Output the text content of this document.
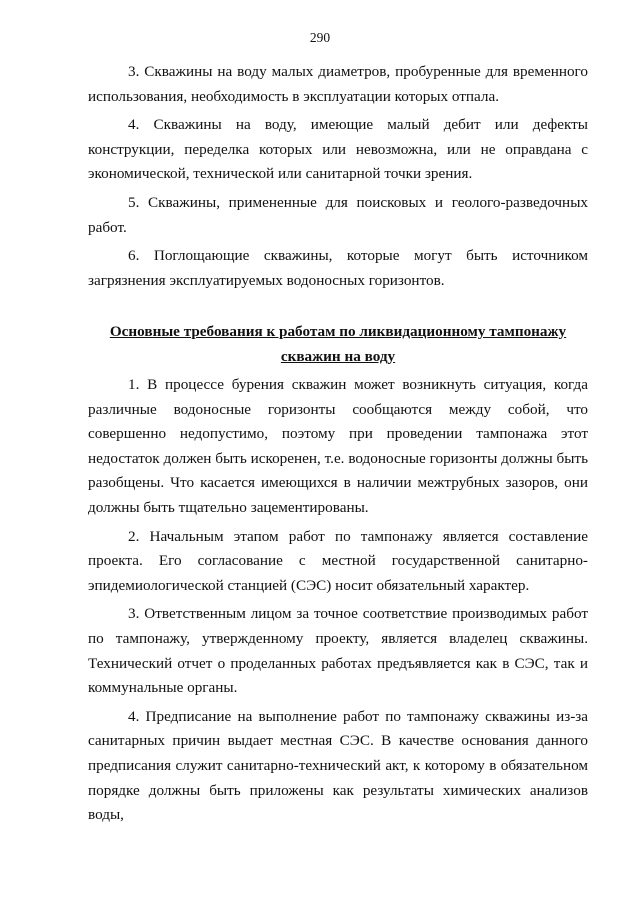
290

3. Скважины на воду малых диаметров, пробуренные для временного использования, необходимость в эксплуатации которых отпала.

4. Скважины на воду, имеющие малый дебит или дефекты конструкции, переделка которых или невозможна, или не оправдана с экономической, технической или санитарной точки зрения.

5. Скважины, примененные для поисковых и геолого-разведочных работ.

6. Поглощающие скважины, которые могут быть источником загрязнения эксплуатируемых водоносных горизонтов.

Основные требования к работам по ликвидационному тампонажу
скважин на воду

1. В процессе бурения скважин может возникнуть ситуация, когда различные водоносные горизонты сообщаются между собой, что совершенно недопустимо, поэтому при проведении тампонажа этот недостаток должен быть искоренен, т.е. водоносные горизонты должны быть разобщены. Что касается имеющихся в наличии межтрубных зазоров, они должны быть тщательно зацементированы.

2. Начальным этапом работ по тампонажу является составление проекта. Его согласование с местной государственной санитарно-эпидемиологической станцией (СЭС) носит обязательный характер.

3. Ответственным лицом за точное соответствие производимых работ по тампонажу, утвержденному проекту, является владелец скважины. Технический отчет о проделанных работах предъявляется как в СЭС, так и коммунальные органы.

4. Предписание на выполнение работ по тампонажу скважины из-за санитарных причин выдает местная СЭС. В качестве основания данного предписания служит санитарно-технический акт, к которому в обязательном порядке должны быть приложены как результаты химических анализов воды,
